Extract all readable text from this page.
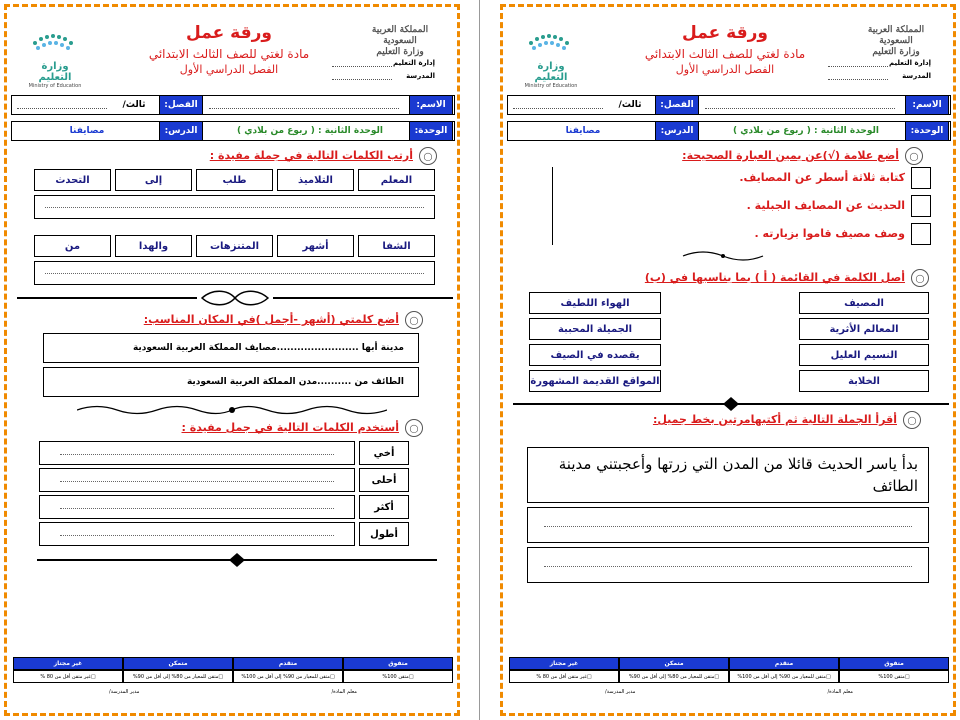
المملكة العربية السعودية
وزارة التعليم
إدارة التعليم
المدرسة
ورقة عمل
مادة لغتي للصف الثالث الابتدائي
الفصل الدراسي الأول
وزارة التعليم
Ministry of Education
الاسم:
الفصل:
ثالث/
الوحدة:
الوحدة الثانية : ( ربوع من بلادي )
الدرس:
مصايفنا
◯
أرتب الكلمات التالية في جملة مفيدة :
المعلم
التلاميذ
طلب
إلى
التحدث
الشفا
أشهر
المتنزهات
والهدا
من
◯
أضع كلمتي (أشهر -أجمل )في المكان المناسب:
مدينة أبها ........................مصايف المملكة العربية السعودية
الطائف من ..........مدن المملكة العربية السعودية
◯
أستخدم الكلمات التالية في جمل مفيدة :
أخي
أحلى
أكثر
أطول
متفوق
متقدم
متمكن
غير مجتاز
□
متقن 100%
□
متقن للمعيار من 90% إلى أقل من 100%
□
متقن للمعيار من 80% إلى أقل من 90%
□
غير متقن أقل من 80 %
معلم المادة/
مدير المدرسة/
المملكة العربية السعودية
وزارة التعليم
إدارة التعليم
المدرسة
ورقة عمل
مادة لغتي للصف الثالث الابتدائي
الفصل الدراسي الأول
وزارة التعليم
Ministry of Education
الاسم:
الفصل:
ثالث/
الوحدة:
الوحدة الثانية : ( ربوع من بلادي )
الدرس:
مصايفنا
◯
أضع علامة (√)عن يمين العبارة الصحيحة:
كتابة ثلاثة أسطر عن المصايف.
الحديث عن المصايف الجبلية .
وصف مصيف قاموا بزيارته .
◯
أصل الكلمة في القائمة ( أ ) بما يناسبها في (ب)
المصيف
المعالم الأثرية
النسيم العليل
الخلابة
الهواء اللطيف
الجميلة المحببة
يقصده في الصيف
المواقع القديمة المشهورة
◯
أقرأ الجملة التالية ثم أكتبهامرتين بخط جميل:
بدأ ياسر الحديث قائلا من المدن التي زرتها وأعجبتني مدينة الطائف
متفوق
متقدم
متمكن
غير مجتاز
□
متقن 100%
□
متقن للمعيار من 90% إلى أقل من 100%
□
متقن للمعيار من 80% إلى أقل من 90%
□
غير متقن أقل من 80 %
معلم المادة/
مدير المدرسة/
